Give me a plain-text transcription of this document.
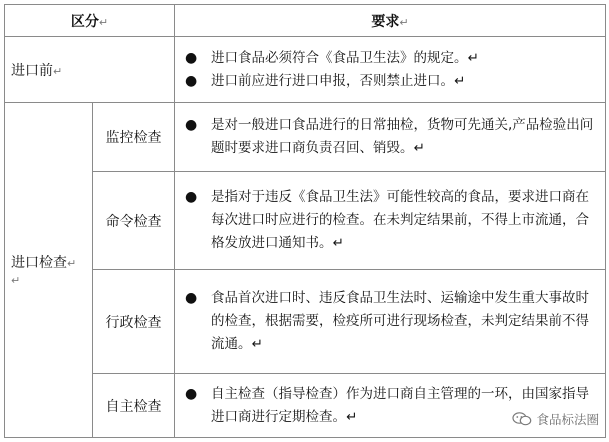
区分↵		要求↵
进口前↵		● 进口食品必须符合《食品卫生法》的规定。↵
● 进口前应进行进口申报，否则禁止进口。↵

进口检查↵
↵	监控检查	● 是对一般进口食品进行的日常抽检，货物可先通关,产品检验出问题时要求进口商负责召回、销毁。↵

	命令检查	● 是指对于违反《食品卫生法》可能性较高的食品，要求进口商在每次进口时应进行的检查。在未判定结果前，不得上市流通，合格发放进口通知书。↵

	行政检查	● 食品首次进口时、违反食品卫生法时、运输途中发生重大事故时的检查，根据需要，检疫所可进行现场检查，未判定结果前不得流通。↵

	自主检查	● 自主检查（指导检查）作为进口商自主管理的一环，由国家指导进口商进行定期检查。↵	食品标法圈
